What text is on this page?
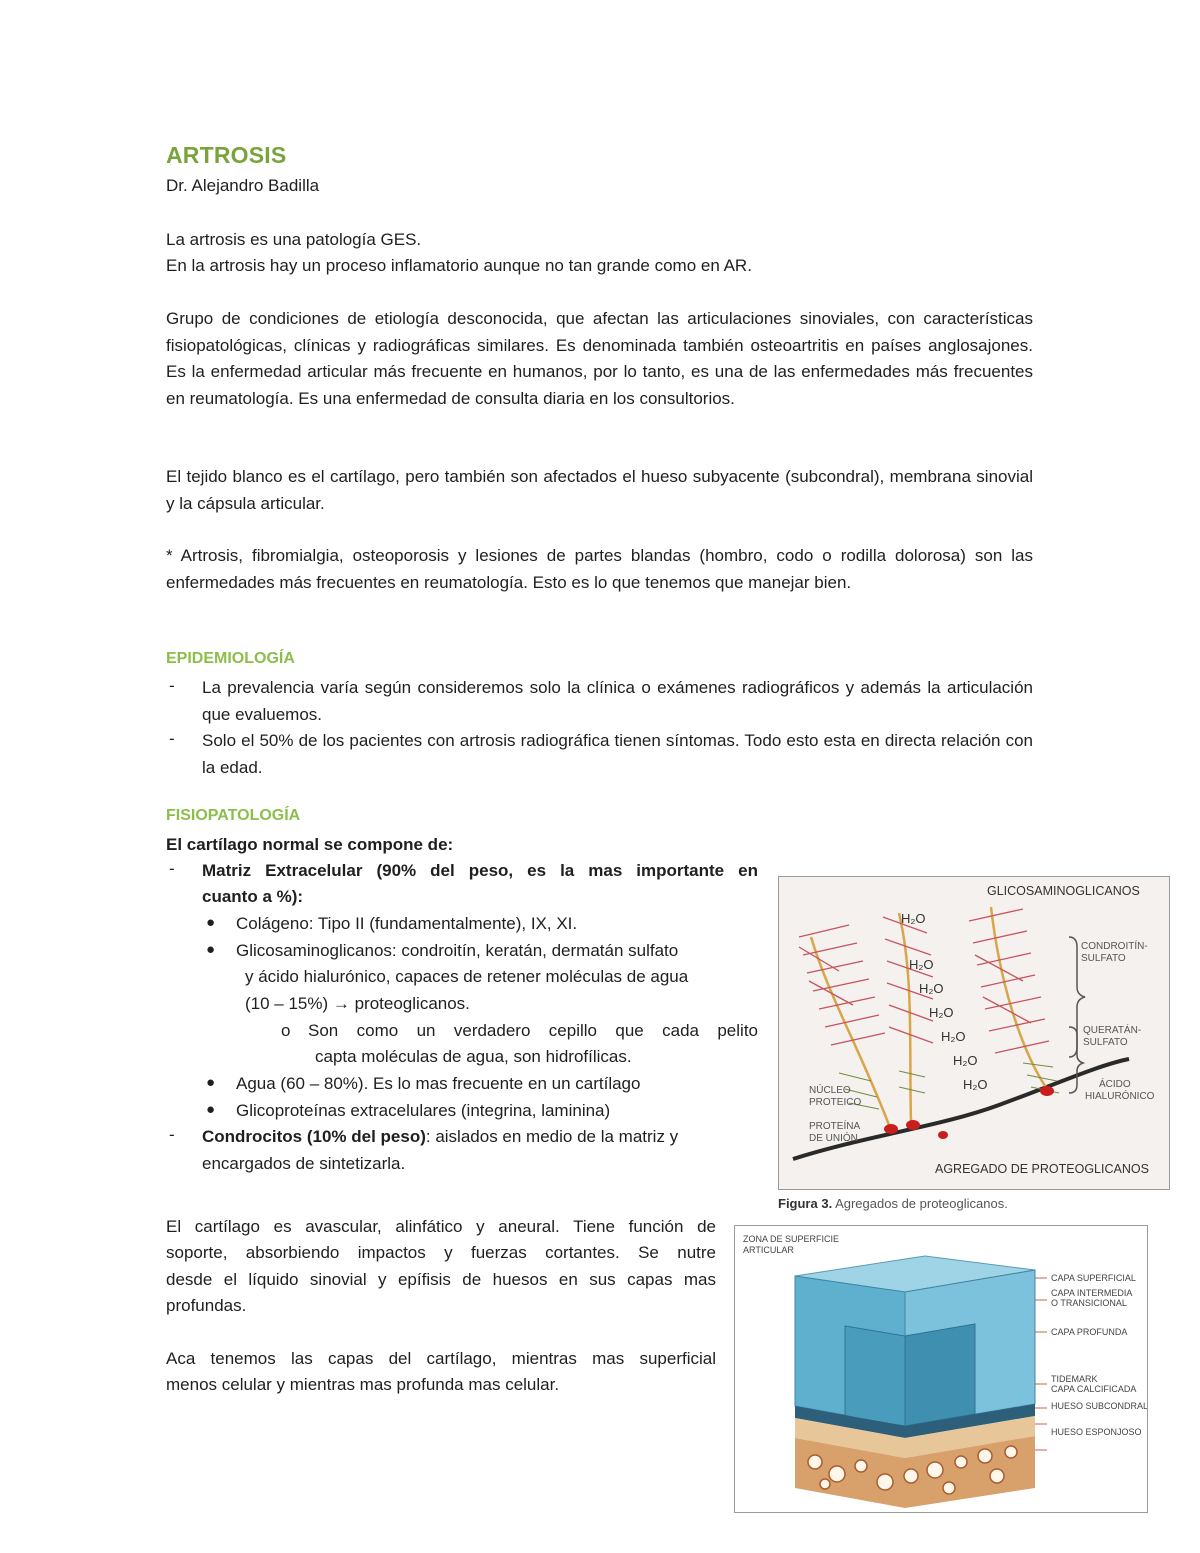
ARTROSIS
Dr. Alejandro Badilla
La artrosis es una patología GES.
En la artrosis hay un proceso inflamatorio aunque no tan grande como en AR.
Grupo de condiciones de etiología desconocida, que afectan las articulaciones sinoviales, con características fisiopatológicas, clínicas y radiográficas similares. Es denominada también osteoartritis en países anglosajones. Es la enfermedad articular más frecuente en humanos, por lo tanto, es una de las enfermedades más frecuentes en reumatología. Es una enfermedad de consulta diaria en los consultorios.
El tejido blanco es el cartílago, pero también son afectados el hueso subyacente (subcondral), membrana sinovial y la cápsula articular.
* Artrosis, fibromialgia, osteoporosis y lesiones de partes blandas (hombro, codo o rodilla dolorosa) son las enfermedades más frecuentes en reumatología. Esto es lo que tenemos que manejar bien.
EPIDEMIOLOGÍA
- La prevalencia varía según consideremos solo la clínica o exámenes radiográficos y además la articulación que evaluemos.
- Solo el 50% de los pacientes con artrosis radiográfica tienen síntomas. Todo esto esta en directa relación con la edad.
FISIOPATOLOGÍA
El cartílago normal se compone de:
- Matriz Extracelular (90% del peso, es la mas importante en
cuanto a %):
● Colágeno: Tipo II (fundamentalmente), IX, XI.
● Glicosaminoglicanos: condroitín, keratán, dermatán sulfato
y ácido hialurónico, capaces de retener moléculas de agua
(10 – 15%) → proteoglicanos.
o Son como un verdadero cepillo que cada pelito
capta moléculas de agua, son hidrofílicas.
● Agua (60 – 80%). Es lo mas frecuente en un cartílago
● Glicoproteínas extracelulares (integrina, laminina)
- Condrocitos (10% del peso): aislados en medio de la matriz y
encargados de sintetizarla.
El cartílago es avascular, alinfático y aneural. Tiene función de
soporte, absorbiendo impactos y fuerzas cortantes. Se nutre
desde el líquido sinovial y epífisis de huesos en sus capas mas
profundas.
Aca tenemos las capas del cartílago, mientras mas superficial
menos celular y mientras mas profunda mas celular.
GLICOSAMINOGLICANOS
H₂O
H₂O
H₂O
H₂O
H₂O
H₂O
H₂O
CONDROITÍN-
SULFATO
QUERATÁN-
SULFATO
ÁCIDO
HIALURÓNICO
NÚCLEO
PROTEICO
PROTEÍNA
DE UNIÓN
AGREGADO DE PROTEOGLICANOS
Figura 3. Agregados de proteoglicanos.
ZONA DE SUPERFICIE
ARTICULAR
CAPA SUPERFICIAL
CAPA INTERMEDIA
O TRANSICIONAL
CAPA PROFUNDA
TIDEMARK
CAPA CALCIFICADA
HUESO SUBCONDRAL
HUESO ESPONJOSO
